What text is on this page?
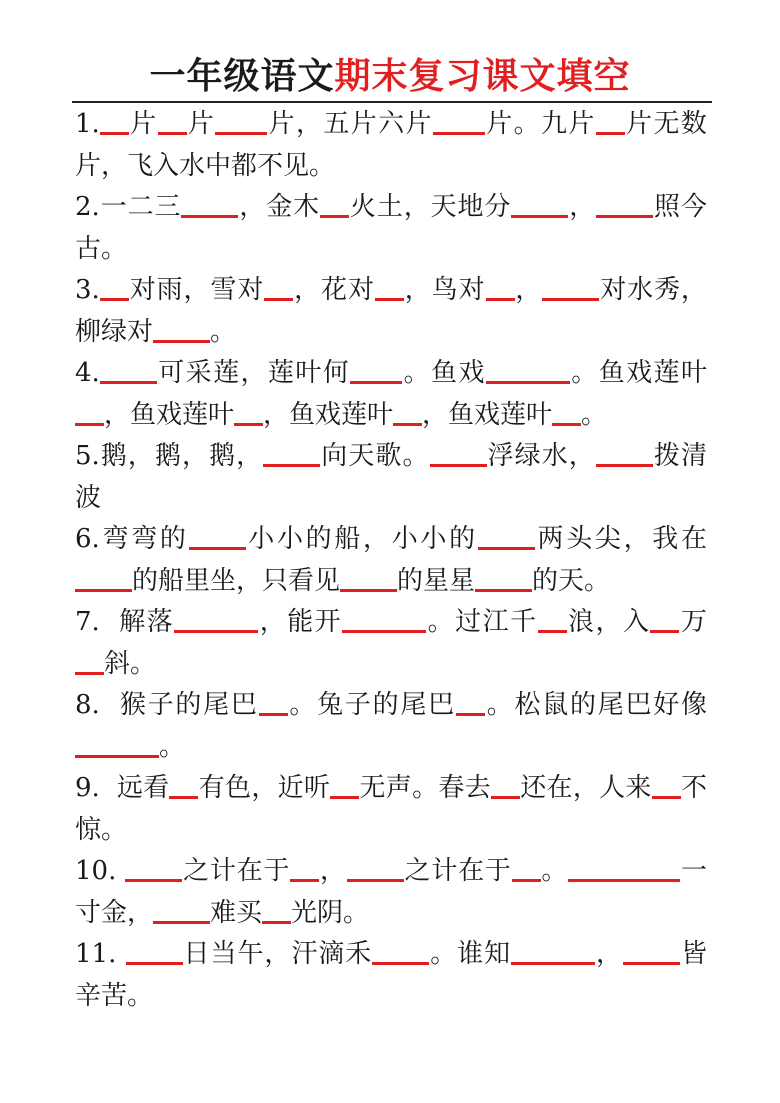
一年级语文期末复习课文填空

1. 片 片 片，五片六片 片。九片 片无数片，飞入水中都不见。

2.一二三 ，金木 火土，天地分 ， 照今古。

3. 对雨，雪对 ，花对 ，鸟对 ， 对水秀，柳绿对 。

4. 可采莲，莲叶何 。鱼戏	。鱼戏莲叶，鱼戏莲叶 ，鱼戏莲叶 ，鱼戏莲叶 。

5.鹅，鹅，鹅， 向天歌。 浮绿水， 拨清波

6.弯弯的 小小的船，小小的 两头尖，我在的船里坐，只看见 的星星 的天。

7.  解落	，能开	。过江千 浪，入 万斜。

8.  猴子的尾巴 。兔子的尾巴 。松鼠的尾巴好像。

9.  远看 有色，近听 无声。春去 还在，人来 不惊。

10. 之计在于 ， 之计在于 。	一寸金， 难买 光阴。

11. 日当午，汗滴禾 。谁知	， 皆辛苦。
